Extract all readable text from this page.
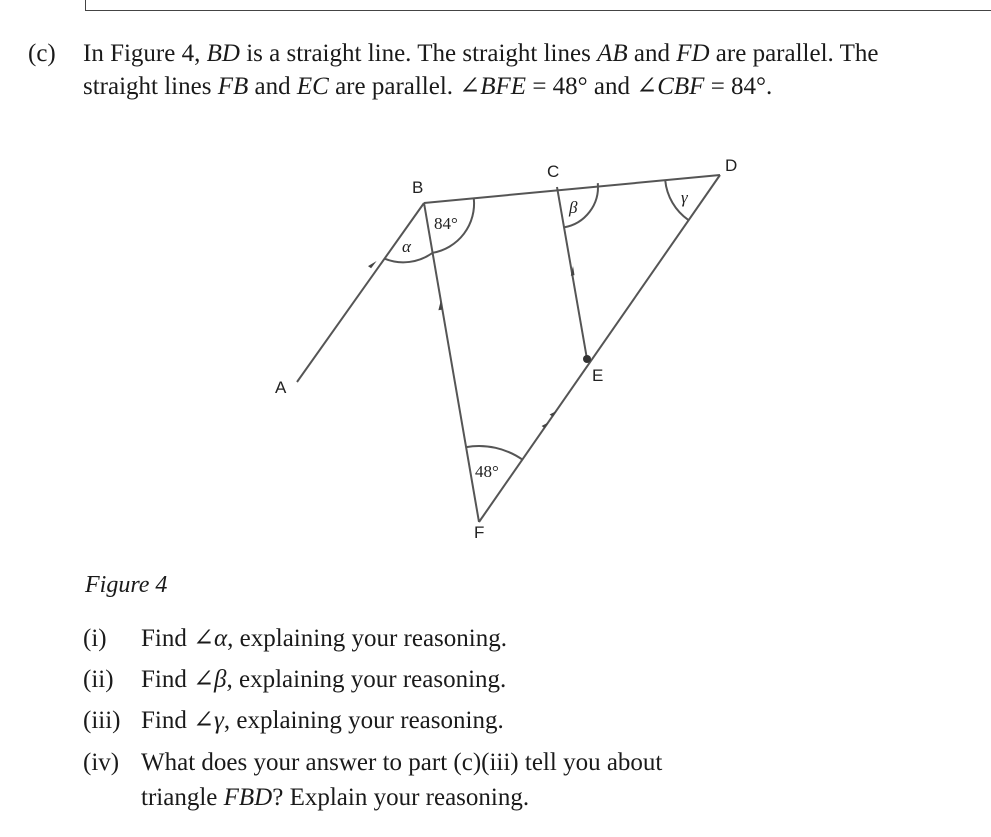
(c) In Figure 4, BD is a straight line. The straight lines AB and FD are parallel. The straight lines FB and EC are parallel. ∠BFE = 48° and ∠CBF = 84°.
A
B
C	D
E
F
84°
α
β
γ
48°
Figure 4
(i) Find ∠α, explaining your reasoning.
(ii) Find ∠β, explaining your reasoning.
(iii) Find ∠γ, explaining your reasoning.
(iv) What does your answer to part (c)(iii) tell you about
triangle FBD? Explain your reasoning.
